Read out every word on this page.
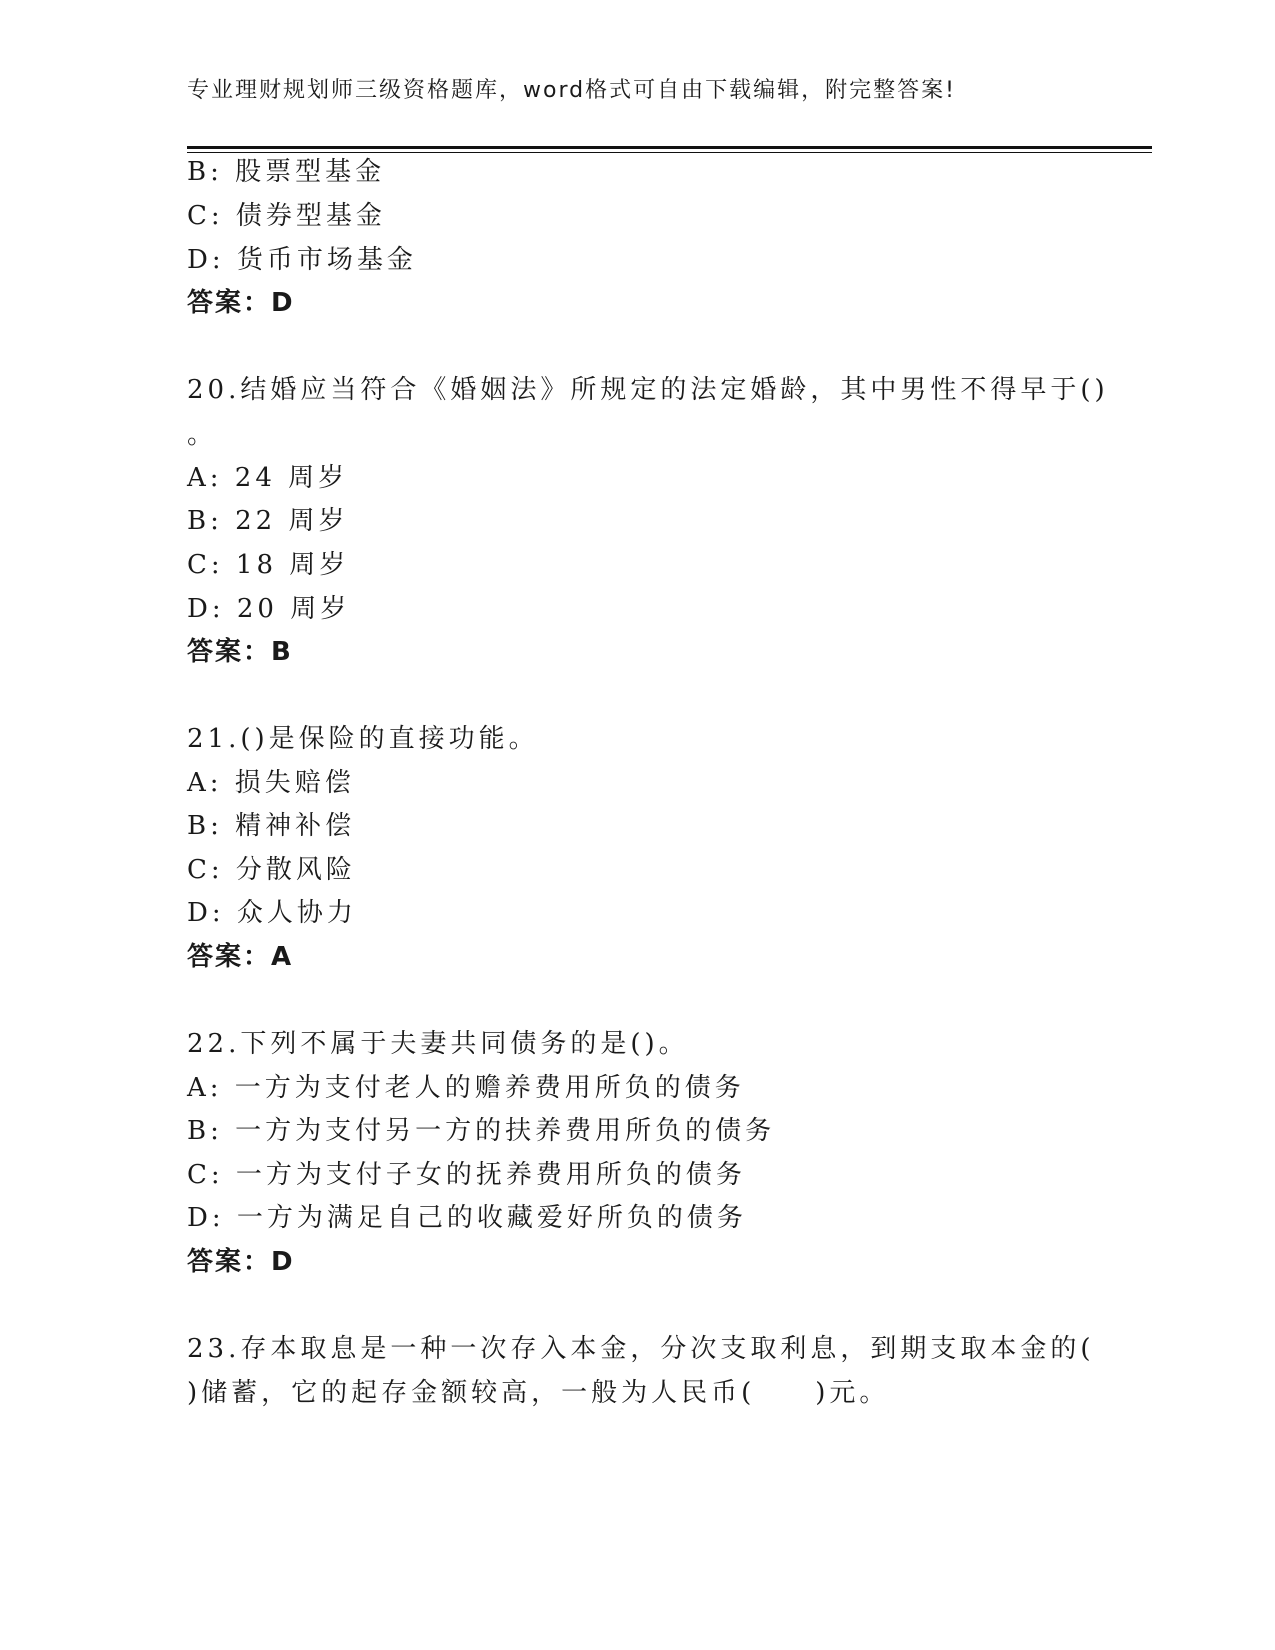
专业理财规划师三级资格题库，word格式可自由下载编辑，附完整答案!
B: 股票型基金
C: 债券型基金
D: 货币市场基金
答案：D
20.结婚应当符合《婚姻法》所规定的法定婚龄，其中男性不得早于()
。
A: 24 周岁
B: 22 周岁
C: 18 周岁
D: 20 周岁
答案：B
21.()是保险的直接功能。
A: 损失赔偿
B: 精神补偿
C: 分散风险
D: 众人协力
答案：A
22.下列不属于夫妻共同债务的是()。
A: 一方为支付老人的赡养费用所负的债务
B: 一方为支付另一方的扶养费用所负的债务
C: 一方为支付子女的抚养费用所负的债务
D: 一方为满足自己的收藏爱好所负的债务
答案：D
23.存本取息是一种一次存入本金，分次支取利息，到期支取本金的(
)储蓄，它的起存金额较高，一般为人民币(　　)元。
